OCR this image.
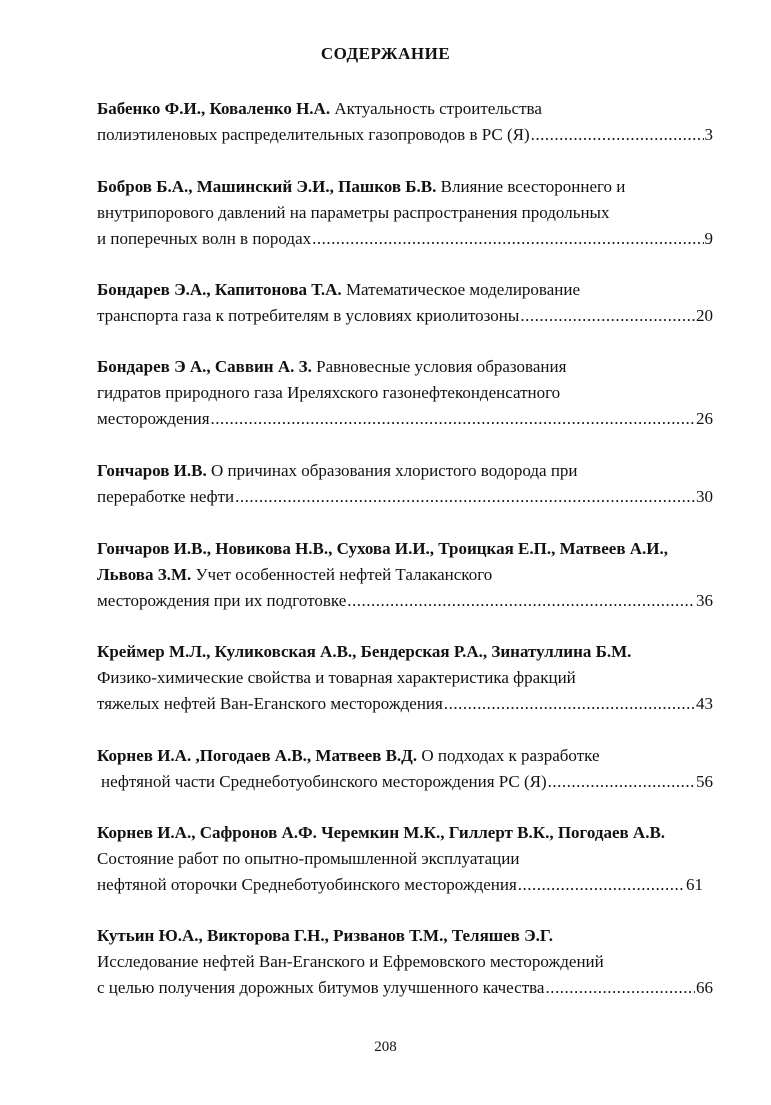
СОДЕРЖАНИЕ
Бабенко Ф.И., Коваленко Н.А. Актуальность строительства
полиэтиленовых распределительных газопроводов в РС (Я) .....	3
Бобров Б.А., Машинский Э.И., Пашков Б.В. Влияние всестороннего и
внутрипорового давлений на параметры распространения продольных
и поперечных волн в породах .....	9
Бондарев Э.А., Капитонова Т.А. Математическое моделирование
транспорта газа к потребителям в условиях криолитозоны .....	20
Бондарев Э А., Саввин А. З. Равновесные условия образования
гидратов природного газа Иреляхского газонефтеконденсатного
месторождения .....	26
Гончаров И.В. О причинах образования хлористого водорода при
переработке нефти .....	30
Гончаров И.В., Новикова Н.В., Сухова И.И., Троицкая Е.П., Матвеев А.И., Львова З.М. Учет особенностей нефтей Талаканского
месторождения при их подготовке .....	36
Креймер М.Л., Куликовская А.В., Бендерская Р.А., Зинатуллина Б.М.
Физико-химические свойства и товарная характеристика фракций
тяжелых нефтей Ван-Еганского месторождения .....	43
Корнев И.А. ,Погодаев А.В., Матвеев В.Д. О подходах к разработке
нефтяной части Среднеботуобинского месторождения РС (Я) .....	56
Корнев И.А., Сафронов А.Ф. Черемкин М.К., Гиллерт В.К., Погодаев А.В. Состояние работ по опытно-промышленной эксплуатации
нефтяной оторочки Среднеботуобинского месторождения .....	61
Кутьин Ю.А., Викторова Г.Н., Ризванов Т.М., Теляшев Э.Г.
Исследование нефтей Ван-Еганского и Ефремовского месторождений
с целью получения дорожных битумов улучшенного качества .....	66
208
